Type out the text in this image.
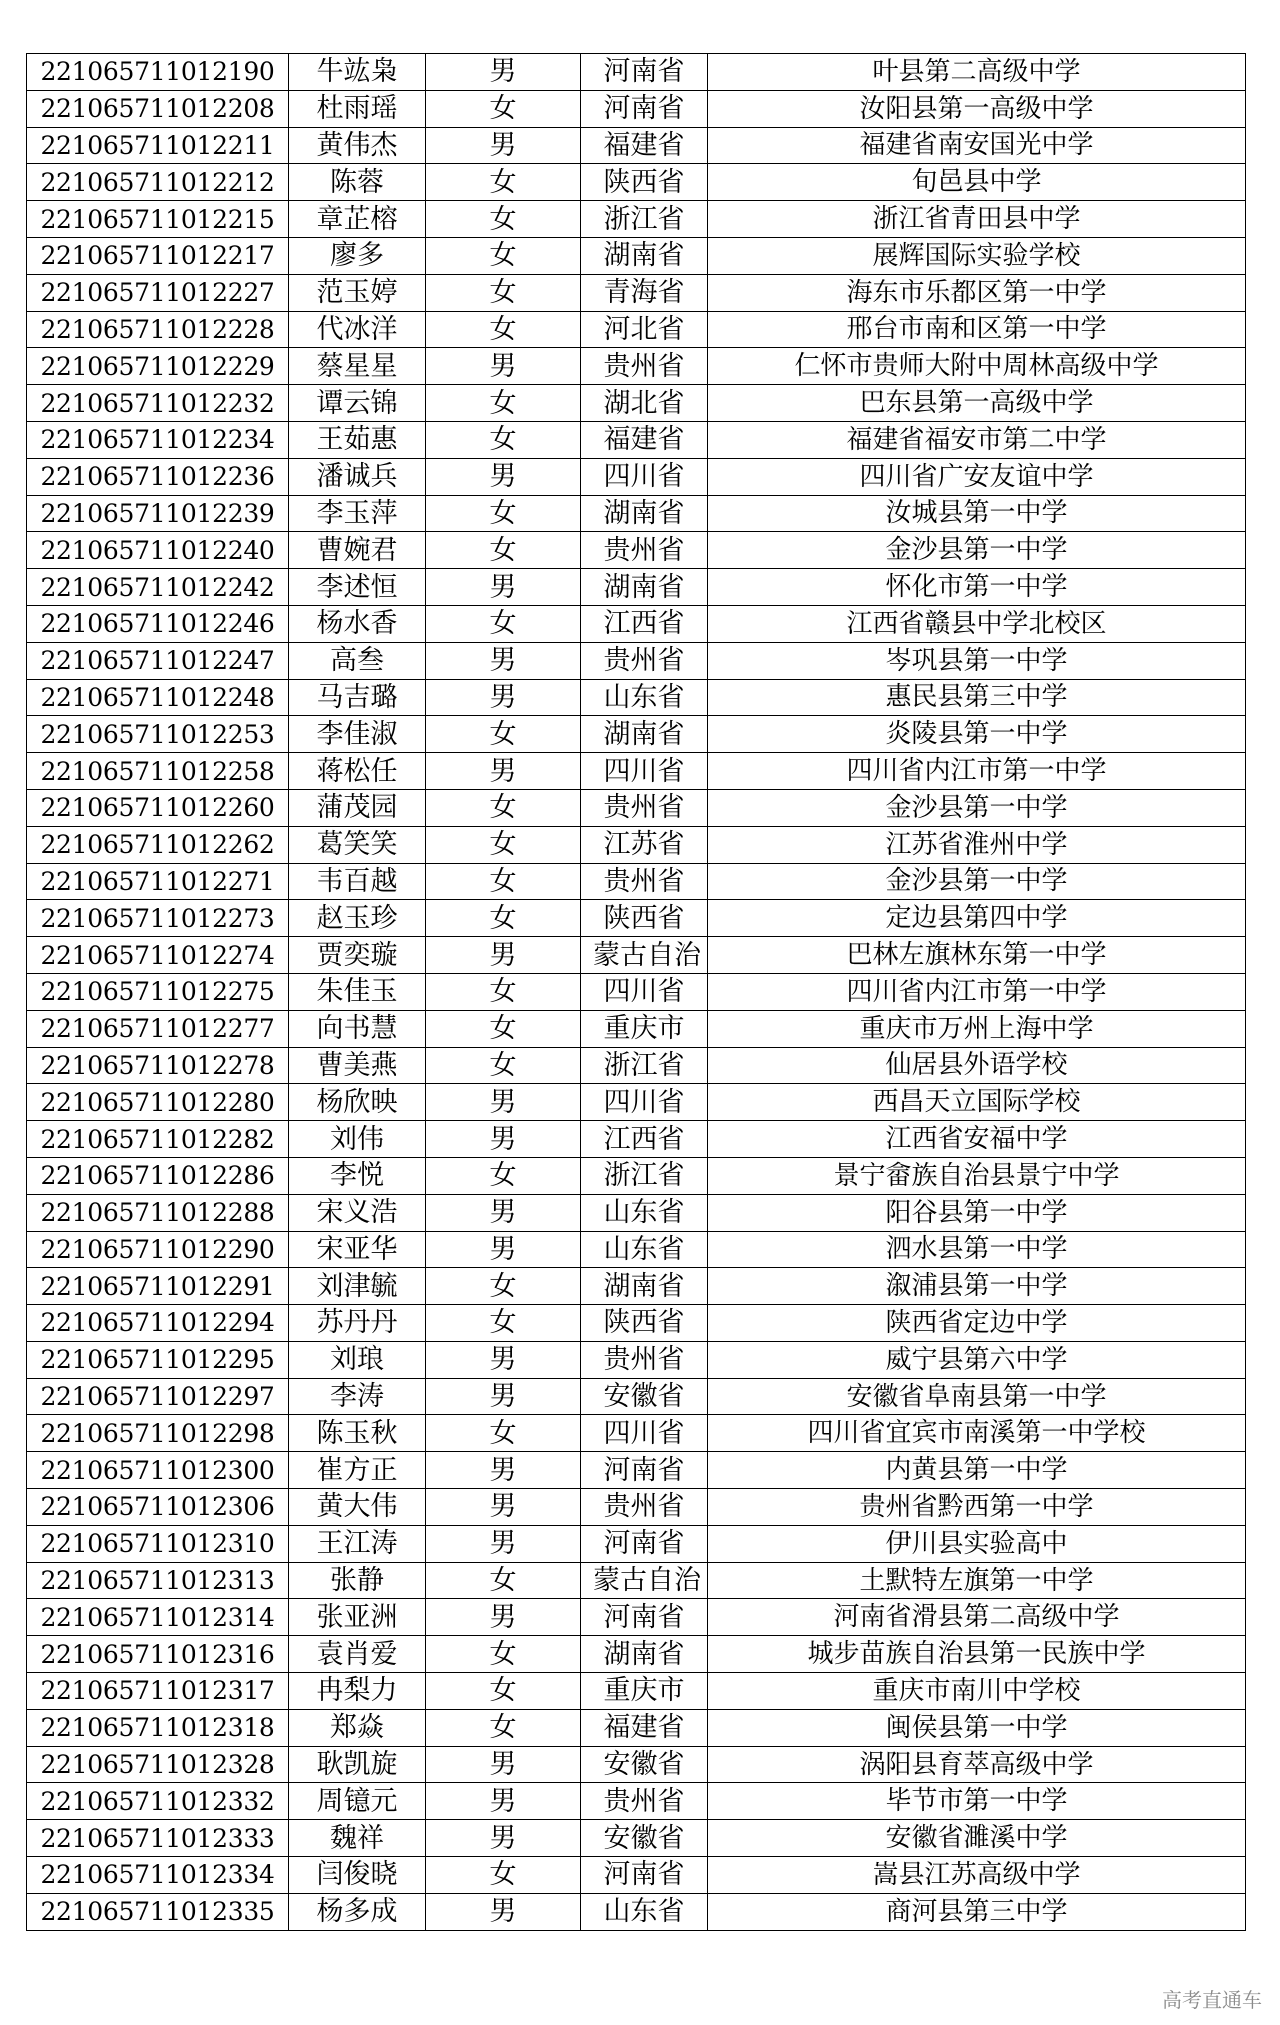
221065711012190	牛竑枭	男	河南省	叶县第二高级中学
221065711012208	杜雨瑶	女	河南省	汝阳县第一高级中学
221065711012211	黄伟杰	男	福建省	福建省南安国光中学
221065711012212	陈蓉	女	陕西省	旬邑县中学
221065711012215	章芷榕	女	浙江省	浙江省青田县中学
221065711012217	廖多	女	湖南省	展辉国际实验学校
221065711012227	范玉婷	女	青海省	海东市乐都区第一中学
221065711012228	代冰洋	女	河北省	邢台市南和区第一中学
221065711012229	蔡星星	男	贵州省	仁怀市贵师大附中周林高级中学
221065711012232	谭云锦	女	湖北省	巴东县第一高级中学
221065711012234	王茹惠	女	福建省	福建省福安市第二中学
221065711012236	潘诚兵	男	四川省	四川省广安友谊中学
221065711012239	李玉萍	女	湖南省	汝城县第一中学
221065711012240	曹婉君	女	贵州省	金沙县第一中学
221065711012242	李述恒	男	湖南省	怀化市第一中学
221065711012246	杨水香	女	江西省	江西省赣县中学北校区
221065711012247	高叁	男	贵州省	岑巩县第一中学
221065711012248	马吉璐	男	山东省	惠民县第三中学
221065711012253	李佳淑	女	湖南省	炎陵县第一中学
221065711012258	蒋松任	男	四川省	四川省内江市第一中学
221065711012260	蒲茂园	女	贵州省	金沙县第一中学
221065711012262	葛笑笑	女	江苏省	江苏省淮州中学
221065711012271	韦百越	女	贵州省	金沙县第一中学
221065711012273	赵玉珍	女	陕西省	定边县第四中学
221065711012274	贾奕璇	男	蒙古自治	巴林左旗林东第一中学
221065711012275	朱佳玉	女	四川省	四川省内江市第一中学
221065711012277	向书慧	女	重庆市	重庆市万州上海中学
221065711012278	曹美燕	女	浙江省	仙居县外语学校
221065711012280	杨欣映	男	四川省	西昌天立国际学校
221065711012282	刘伟	男	江西省	江西省安福中学
221065711012286	李悦	女	浙江省	景宁畲族自治县景宁中学
221065711012288	宋义浩	男	山东省	阳谷县第一中学
221065711012290	宋亚华	男	山东省	泗水县第一中学
221065711012291	刘津毓	女	湖南省	溆浦县第一中学
221065711012294	苏丹丹	女	陕西省	陕西省定边中学
221065711012295	刘琅	男	贵州省	威宁县第六中学
221065711012297	李涛	男	安徽省	安徽省阜南县第一中学
221065711012298	陈玉秋	女	四川省	四川省宜宾市南溪第一中学校
221065711012300	崔方正	男	河南省	内黄县第一中学
221065711012306	黄大伟	男	贵州省	贵州省黔西第一中学
221065711012310	王江涛	男	河南省	伊川县实验高中
221065711012313	张静	女	蒙古自治	土默特左旗第一中学
221065711012314	张亚洲	男	河南省	河南省滑县第二高级中学
221065711012316	袁肖爱	女	湖南省	城步苗族自治县第一民族中学
221065711012317	冉梨力	女	重庆市	重庆市南川中学校
221065711012318	郑焱	女	福建省	闽侯县第一中学
221065711012328	耿凯旋	男	安徽省	涡阳县育萃高级中学
221065711012332	周镱元	男	贵州省	毕节市第一中学
221065711012333	魏祥	男	安徽省	安徽省濉溪中学
221065711012334	闫俊晓	女	河南省	嵩县江苏高级中学
221065711012335	杨多成	男	山东省	商河县第三中学
高考直通车
